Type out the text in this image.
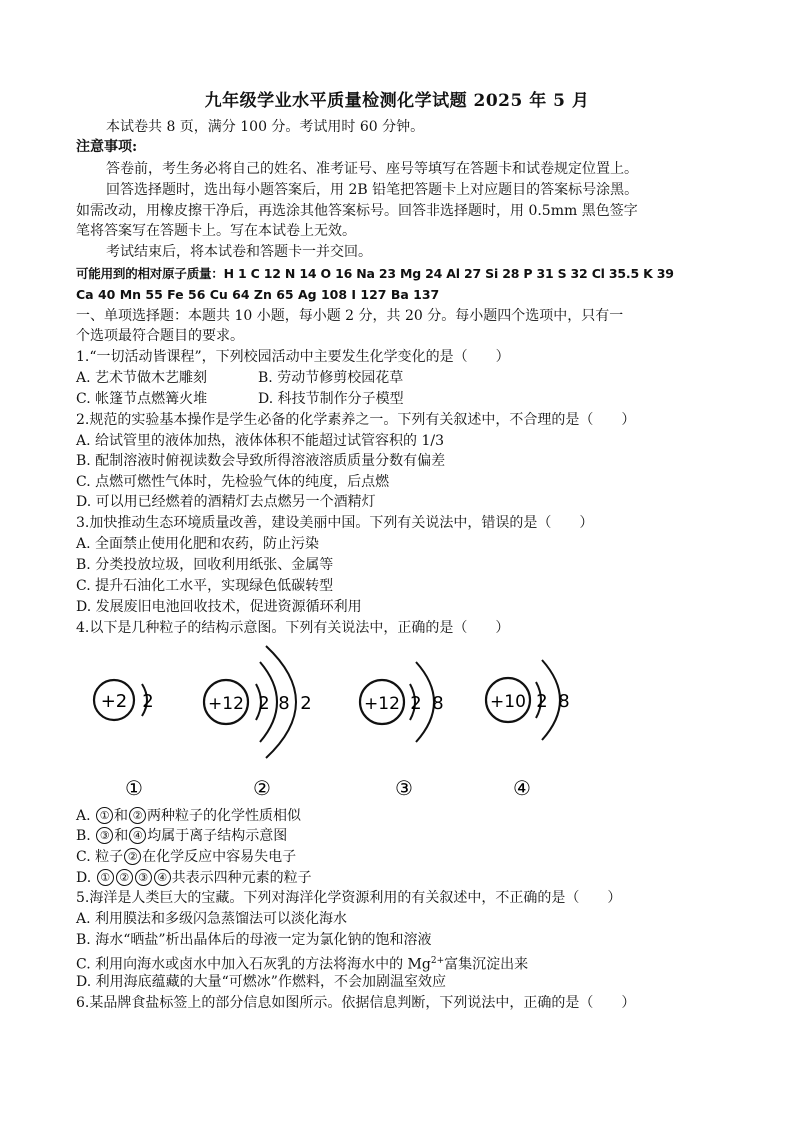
九年级学业水平质量检测化学试题 2025 年 5 月
本试卷共 8 页，满分 100 分。考试用时 60 分钟。
注意事项:
答卷前，考生务必将自己的姓名、准考证号、座号等填写在答题卡和试卷规定位置上。
回答选择题时，选出每小题答案后，用 2B 铅笔把答题卡上对应题目的答案标号涂黑。
如需改动，用橡皮擦干净后，再选涂其他答案标号。回答非选择题时，用 0.5mm 黑色签字
笔将答案写在答题卡上。写在本试卷上无效。
考试结束后，将本试卷和答题卡一并交回。
可能用到的相对原子质量：H 1 C 12 N 14 O 16 Na 23 Mg 24 Al 27 Si 28 P 31 S 32 Cl 35.5 K 39
Ca 40 Mn 55 Fe 56 Cu 64 Zn 65 Ag 108 I 127 Ba 137
一、单项选择题：本题共 10 小题，每小题 2 分，共 20 分。每小题四个选项中，只有一
个选项最符合题目的要求。
1.“一切活动皆课程”，下列校园活动中主要发生化学变化的是（　　）
A. 艺术节做木艺雕刻	B. 劳动节修剪校园花草
C. 帐篷节点燃篝火堆	D. 科技节制作分子模型
2.规范的实验基本操作是学生必备的化学素养之一。下列有关叙述中，不合理的是（　　）
A. 给试管里的液体加热，液体体积不能超过试管容积的 1/3
B. 配制溶液时俯视读数会导致所得溶液溶质质量分数有偏差
C. 点燃可燃性气体时，先检验气体的纯度，后点燃
D. 可以用已经燃着的酒精灯去点燃另一个酒精灯
3.加快推动生态环境质量改善，建设美丽中国。下列有关说法中，错误的是（　　）
A. 全面禁止使用化肥和农药，防止污染
B. 分类投放垃圾，回收利用纸张、金属等
C. 提升石油化工水平，实现绿色低碳转型
D. 发展废旧电池回收技术，促进资源循环利用
4.以下是几种粒子的结构示意图。下列有关说法中，正确的是（　　）
+2 2
①
+12 2 8 2
②
+12 2 8
③
+10 2 8
④
A. ① 和 ② 两种粒子的化学性质相似
B. ③ 和 ④ 均属于离子结构示意图
C. 粒子 ② 在化学反应中容易失电子
D. ① ② ③ ④ 共表示四种元素的粒子
5.海洋是人类巨大的宝藏。下列对海洋化学资源利用的有关叙述中，不正确的是（　　）
A. 利用膜法和多级闪急蒸馏法可以淡化海水
B. 海水“晒盐”析出晶体后的母液一定为氯化钠的饱和溶液
C. 利用向海水或卤水中加入石灰乳的方法将海水中的 $Mg^{2+}$富集沉淀出来
D. 利用海底蕴藏的大量“可燃冰”作燃料，不会加剧温室效应
6.某品牌食盐标签上的部分信息如图所示。依据信息判断，下列说法中，正确的是（　　）
